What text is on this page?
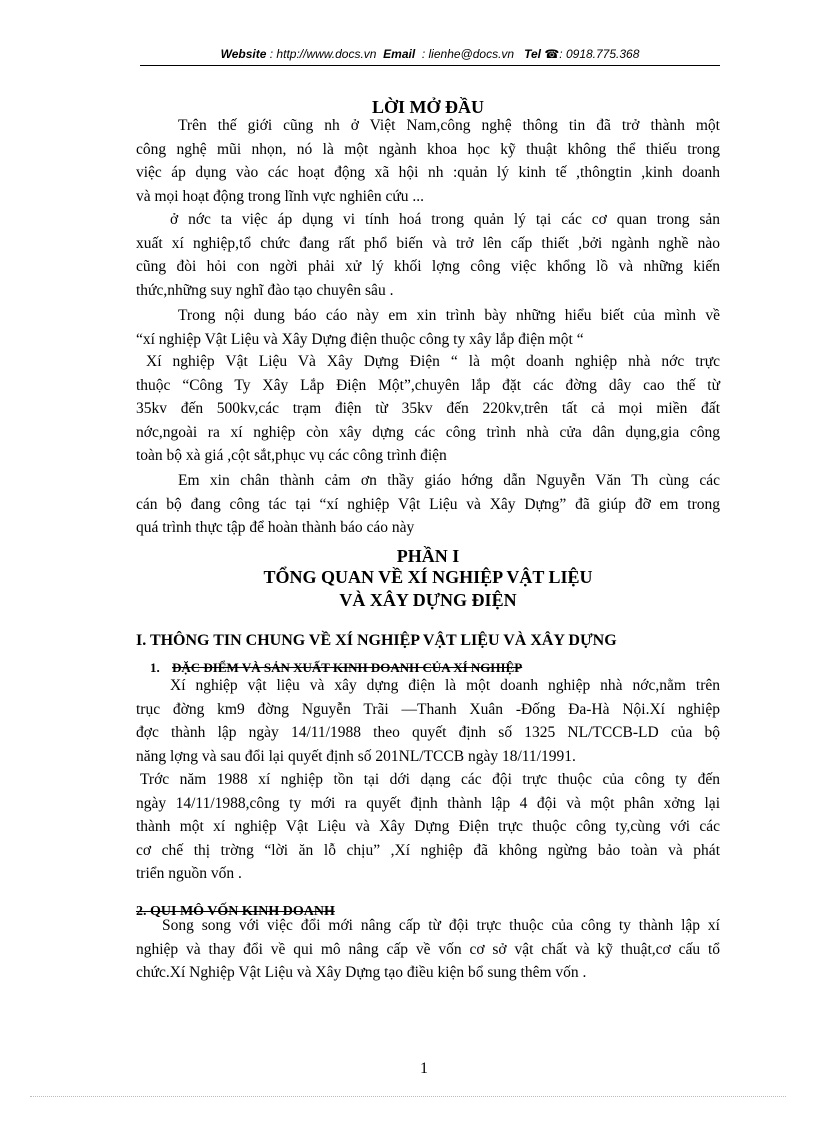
Website : http://www.docs.vn Email : lienhe@docs.vn Tel ☎: 0918.775.368
LỜI MỞ ĐẦU
Trên thế giới cũng nh ở Việt Nam,công nghệ thông tin đã trở thành một
công nghệ mũi nhọn, nó là một ngành khoa học kỹ thuật không thể thiếu trong
việc áp dụng vào các hoạt động xã hội nh :quản lý kinh tế ,thôngtin ,kinh doanh
và mọi hoạt động trong lĩnh vực nghiên cứu ...
ở nớc ta việc áp dụng vi tính hoá trong quản lý tại các cơ quan trong sản
xuất xí nghiệp,tổ chức đang rất phổ biến và trở lên cấp thiết ,bởi ngành nghề nào
cũng đòi hỏi con ngời phải xử lý khối lợng công việc khổng lồ và những kiến
thức,những suy nghĩ đào tạo chuyên sâu .
Trong nội dung báo cáo này em xin trình bày những hiểu biết của mình về
“xí nghiệp Vật Liệu và Xây Dựng điện thuộc công ty xây lắp điện một “
Xí nghiệp Vật Liệu Và Xây Dựng Điện “ là một doanh nghiệp nhà nớc trực
thuộc “Công Ty Xây Lắp Điện Một”,chuyên lắp đặt các đờng dây cao thế từ
35kv đến 500kv,các trạm điện từ 35kv đến 220kv,trên tất cả mọi miền đất
nớc,ngoài ra xí nghiệp còn xây dựng các công trình nhà cửa dân dụng,gia công
toàn bộ xà giá ,cột sắt,phục vụ các công trình điện
Em xin chân thành cảm ơn thầy giáo hớng dẫn Nguyễn Văn Th cùng các
cán bộ đang công tác tại “xí nghiệp Vật Liệu và Xây Dựng” đã giúp đỡ em trong
quá trình thực tập để hoàn thành báo cáo này
PHẦN I
TỔNG QUAN VỀ XÍ NGHIỆP VẬT LIỆU
VÀ XÂY DỰNG ĐIỆN
I. THÔNG TIN CHUNG VỀ XÍ NGHIỆP VẬT LIỆU VÀ XÂY DỰNG
1. ĐẶC ĐIỂM VÀ SẢN XUẤT KINH DOANH CỦA XÍ NGHIỆP
Xí nghiệp vật liệu và xây dựng điện là một doanh nghiệp nhà nớc,nằm trên
trục đờng km9 đờng Nguyễn Trãi —Thanh Xuân -Đống Đa-Hà Nội.Xí nghiệp
đợc thành lập ngày 14/11/1988 theo quyết định số 1325 NL/TCCB-LD của bộ
năng lợng và sau đổi lại quyết định số 201NL/TCCB ngày 18/11/1991.
Trớc năm 1988 xí nghiệp tồn tại dới dạng các đội trực thuộc của công ty đến
ngày 14/11/1988,công ty mới ra quyết định thành lập 4 đội và một phân xởng lại
thành một xí nghiệp Vật Liệu và Xây Dựng Điện trực thuộc công ty,cùng với các
cơ chế thị trờng “lời ăn lỗ chịu” ,Xí nghiệp đã không ngừng bảo toàn và phát
triển nguồn vốn .
2. QUI MÔ VỐN KINH DOANH
Song song với việc đổi mới nâng cấp từ đội trực thuộc của công ty thành lập xí
nghiệp và thay đổi về qui mô nâng cấp về vốn cơ sở vật chất và kỹ thuật,cơ cấu tổ
chức.Xí Nghiệp Vật Liệu và Xây Dựng tạo điều kiện bổ sung thêm vốn .
1
